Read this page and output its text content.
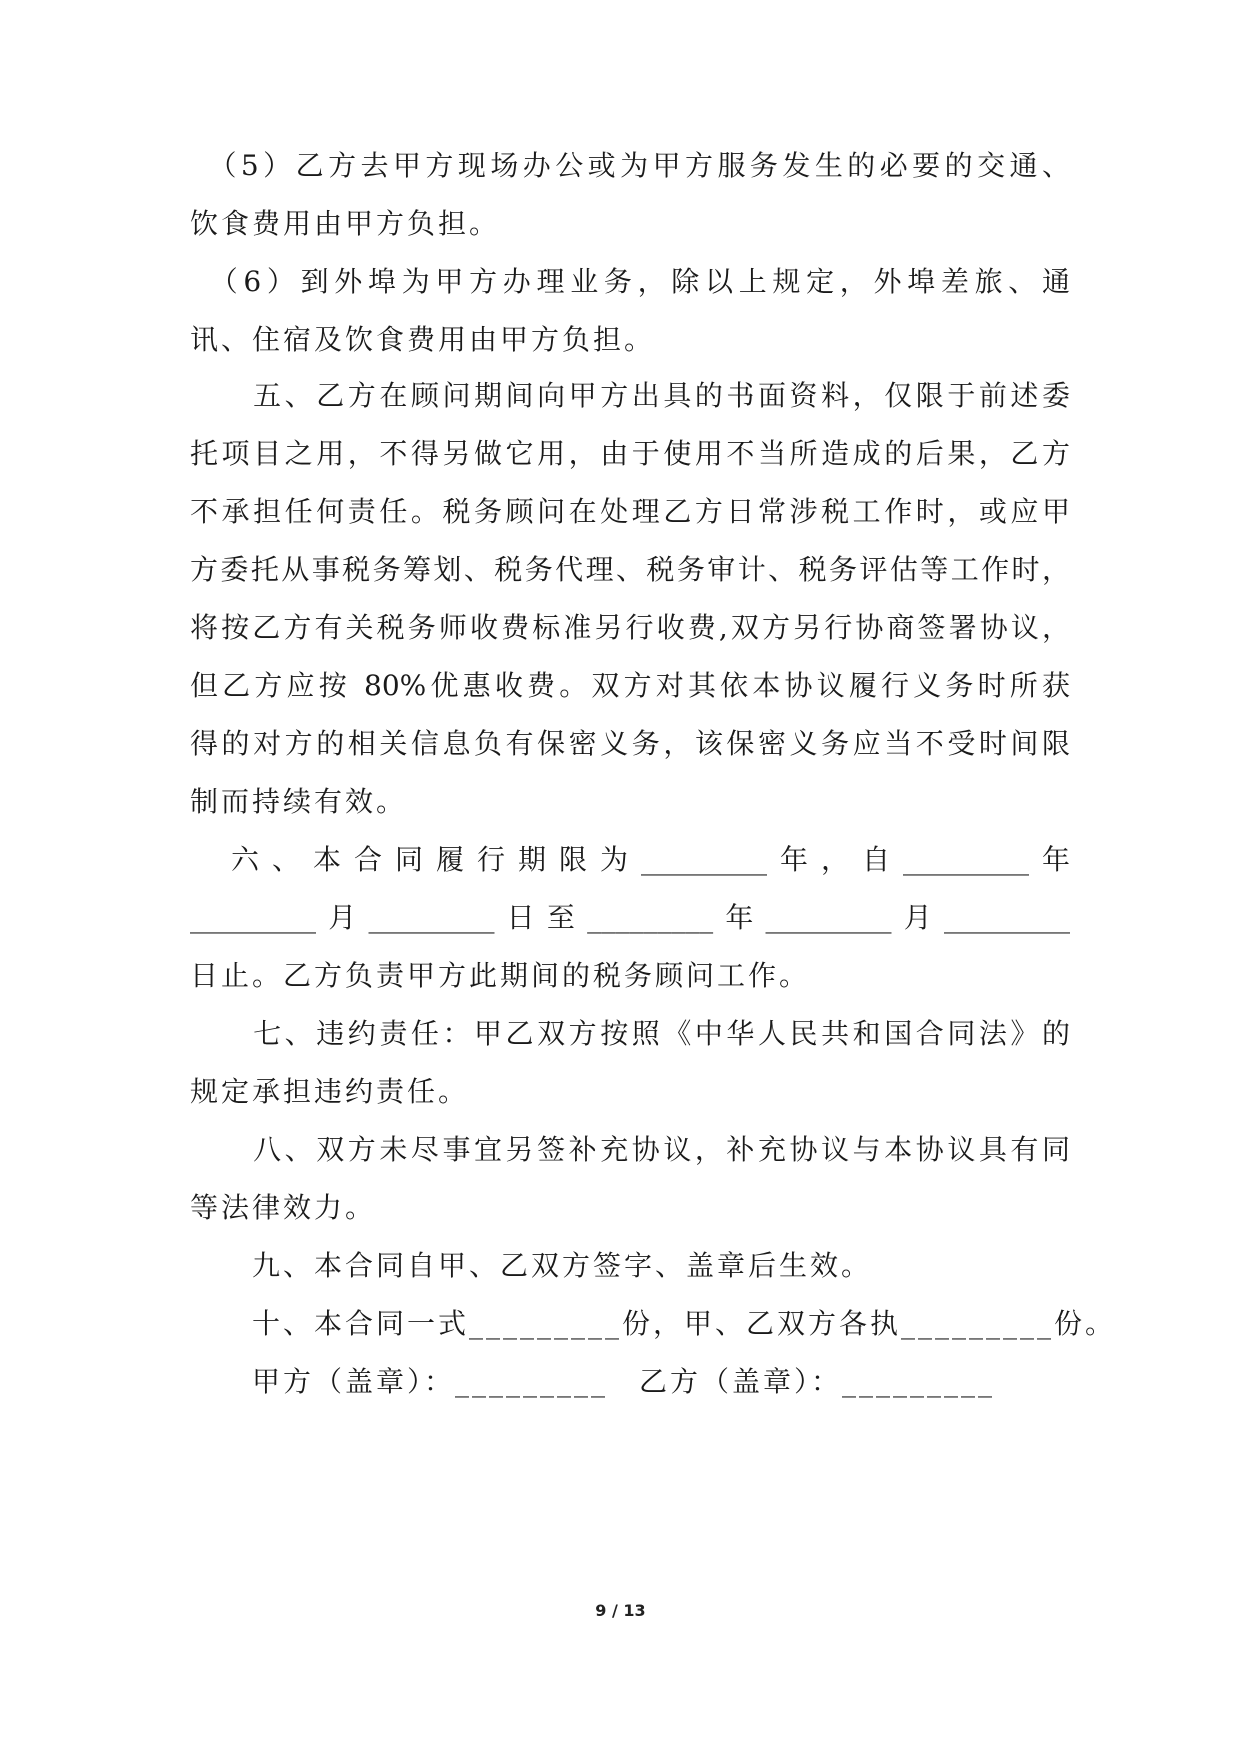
　（5）乙方去甲方现场办公或为甲方服务发生的必要的交通、
饮食费用由甲方负担。
　（6）到外埠为甲方办理业务，除以上规定，外埠差旅、通
讯、住宿及饮食费用由甲方负担。
　　五、乙方在顾问期间向甲方出具的书面资料，仅限于前述委
托项目之用，不得另做它用，由于使用不当所造成的后果，乙方
不承担任何责任。税务顾问在处理乙方日常涉税工作时，或应甲
方委托从事税务筹划、税务代理、税务审计、税务评估等工作时，
将按乙方有关税务师收费标准另行收费,双方另行协商签署协议，
但乙方应按 80%优惠收费。双方对其依本协议履行义务时所获
得的对方的相关信息负有保密义务，该保密义务应当不受时间限
制而持续有效。
　六、本合同履行期限为_________年，自_________年
_________月_________日至_________年_________月_________
日止。乙方负责甲方此期间的税务顾问工作。
　　七、违约责任：甲乙双方按照《中华人民共和国合同法》的
规定承担违约责任。
　　八、双方未尽事宜另签补充协议，补充协议与本协议具有同
等法律效力。
　　九、本合同自甲、乙双方签字、盖章后生效。
　　十、本合同一式_________份，甲、乙双方各执_________份。
　　甲方（盖章）：_________　乙方（盖章）：_________
9 / 13
